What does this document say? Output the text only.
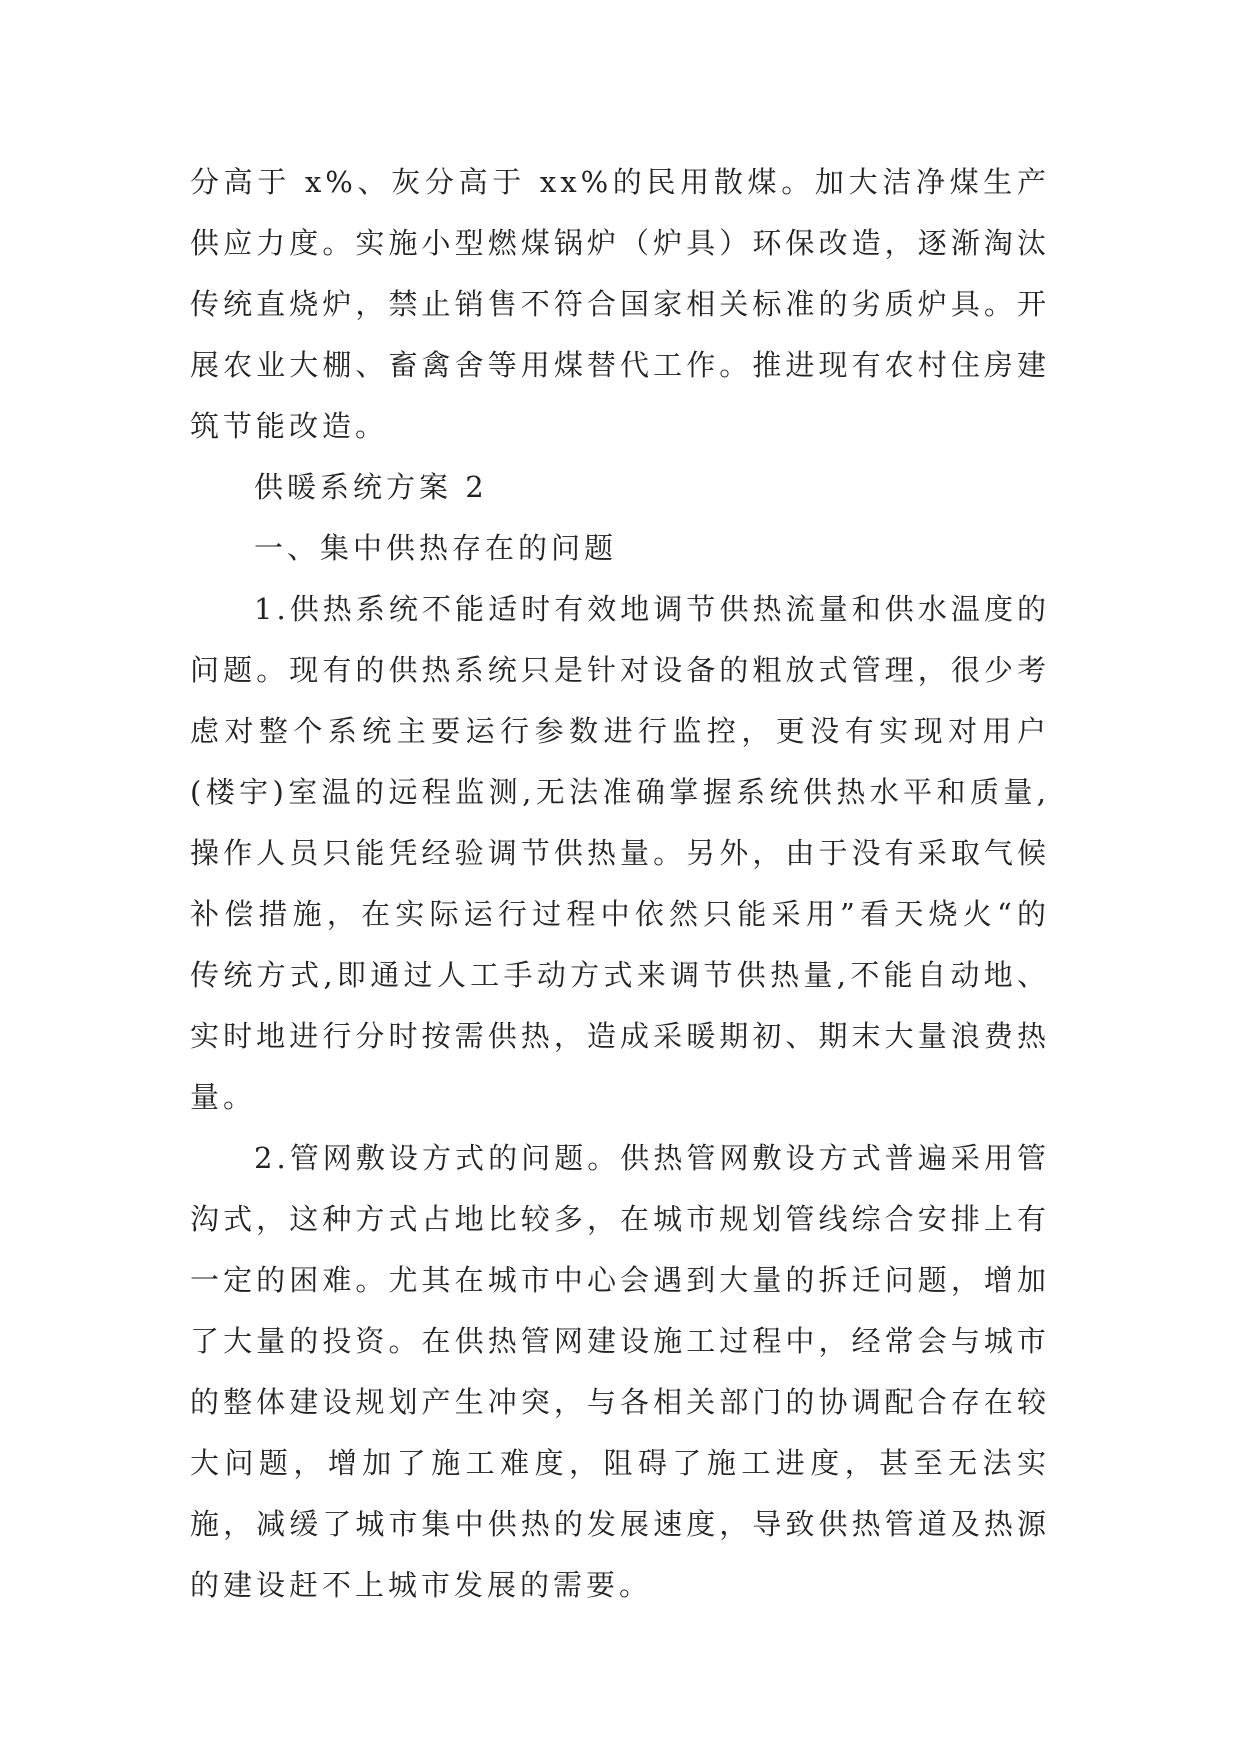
分高于 x%、灰分高于 xx%的民用散煤。加大洁净煤生产供应力度。实施小型燃煤锅炉（炉具）环保改造，逐渐淘汰传统直烧炉，禁止销售不符合国家相关标准的劣质炉具。开展农业大棚、畜禽舍等用煤替代工作。推进现有农村住房建筑节能改造。

供暖系统方案 2

一、集中供热存在的问题

1.供热系统不能适时有效地调节供热流量和供水温度的问题。现有的供热系统只是针对设备的粗放式管理，很少考虑对整个系统主要运行参数进行监控，更没有实现对用户(楼宇)室温的远程监测,无法准确掌握系统供热水平和质量,操作人员只能凭经验调节供热量。另外，由于没有采取气候补偿措施，在实际运行过程中依然只能采用”看天烧火“的传统方式,即通过人工手动方式来调节供热量,不能自动地、实时地进行分时按需供热，造成采暖期初、期末大量浪费热量。

2.管网敷设方式的问题。供热管网敷设方式普遍采用管沟式，这种方式占地比较多，在城市规划管线综合安排上有一定的困难。尤其在城市中心会遇到大量的拆迁问题，增加了大量的投资。在供热管网建设施工过程中，经常会与城市的整体建设规划产生冲突，与各相关部门的协调配合存在较大问题，增加了施工难度，阻碍了施工进度，甚至无法实施，减缓了城市集中供热的发展速度，导致供热管道及热源的建设赶不上城市发展的需要。
